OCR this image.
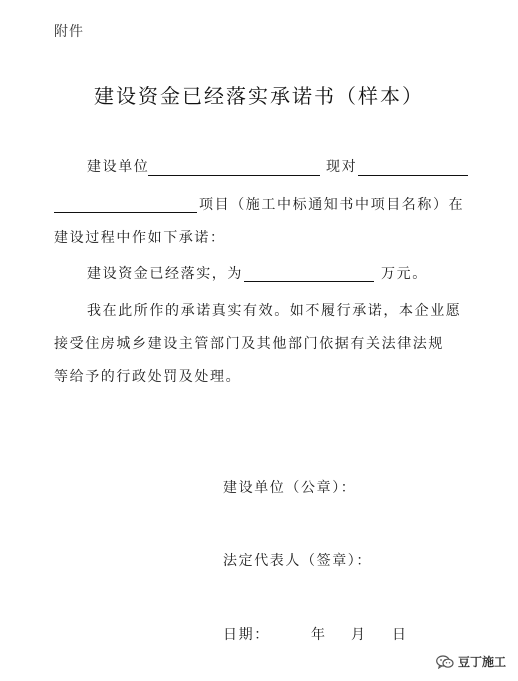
附件
建设资金已经落实承诺书（样本）
建设单位	现对
项目（施工中标通知书中项目名称）在
建设过程中作如下承诺：
建设资金已经落实，为	万元。
我在此所作的承诺真实有效。如不履行承诺，本企业愿
接受住房城乡建设主管部门及其他部门依据有关法律法规
等给予的行政处罚及处理。
建设单位（公章）：
法定代表人（签章）：
日期：	年 月 日
豆丁施工
